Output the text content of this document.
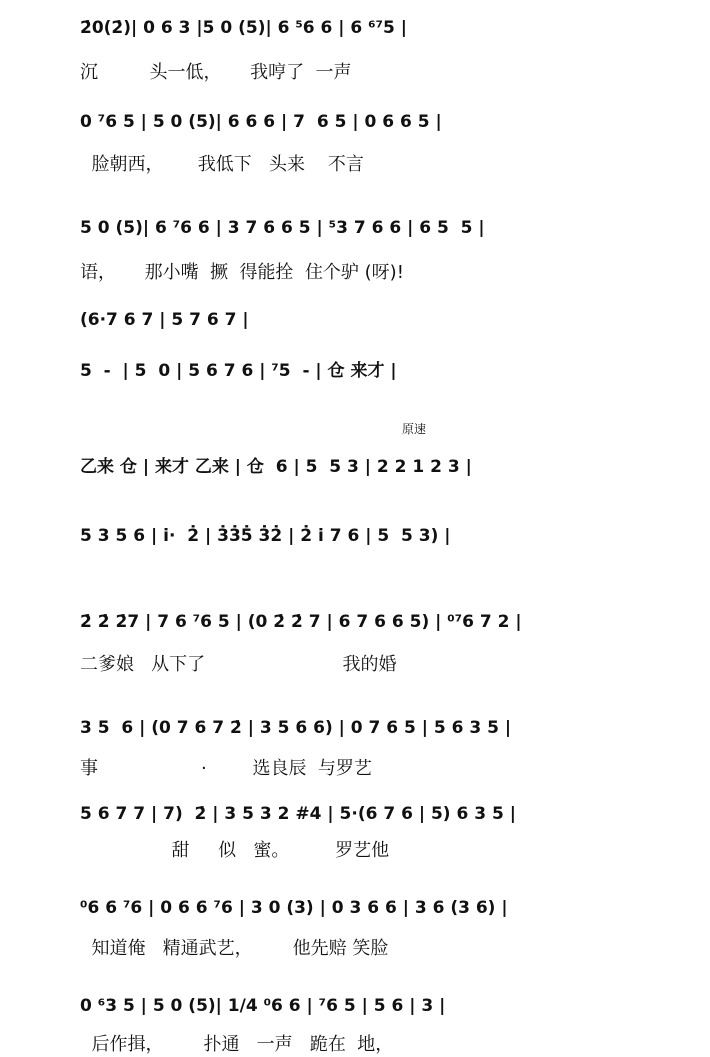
2̇0(2̇)| 0 6 3 |5 0 (5)| 6 ⁵6 6 | 6 ⁶⁷5 |
沉         头一低，     我哼了  一声
0 ⁷6 5 | 5 0 (5)| 6 6 6 | 7  6 5 | 0 6 6 5 |
脸朝西，      我低下   头来    不言
5 0 (5)| 6 ⁷6 6 | 3 7 6 6 5 | ⁵3 7 6 6 | 6 5  5 |
语，     那小嘴  撅  得能拴  住个驴 (呀)!
(6·7 6 7 | 5 7 6 7 |
5  -  | 5  0 | 5 6 7 6 | ⁷5  - | 仓 来才 |
原速
乙来 仓 | 来才 乙来 | 仓  6 | 5  5 3 | 2 2 1 2 3 |
5 3 5 6 | i·  2̇ | 3̇3̇5̇ 3̇2̇ | 2̇ i 7 6 | 5  5 3) |
2̇ 2̇ 2̇7 | 7 6 ⁷6 5 | (0 2̇ 2̇ 7 | 6 7 6 6 5) | ⁰⁷6 7 2 |
二爹娘   从下了                        我的婚
3 5  6 | (0 7 6 7 2̇ | 3 5 6 6) | 0 7 6 5 | 5 6 3 5 |
事                  ·        选良辰  与罗艺
5 6 7 7 | 7)  2̇ | 3 5 3 2 #4 | 5·(6 7 6 | 5) 6 3 5 |
甜     似   蜜。        罗艺他
⁰6 6 ⁷6 | 0 6 6 ⁷6 | 3 0 (3) | 0 3 6 6 | 3 6 (3 6) |
知道俺   精通武艺，       他先赔 笑脸
0 ⁶3 5 | 5 0 (5)| 1/4 ⁰6 6 | ⁷6 5 | 5 6 | 3 |
后作揖，       扑通   一声   跪在  地，
